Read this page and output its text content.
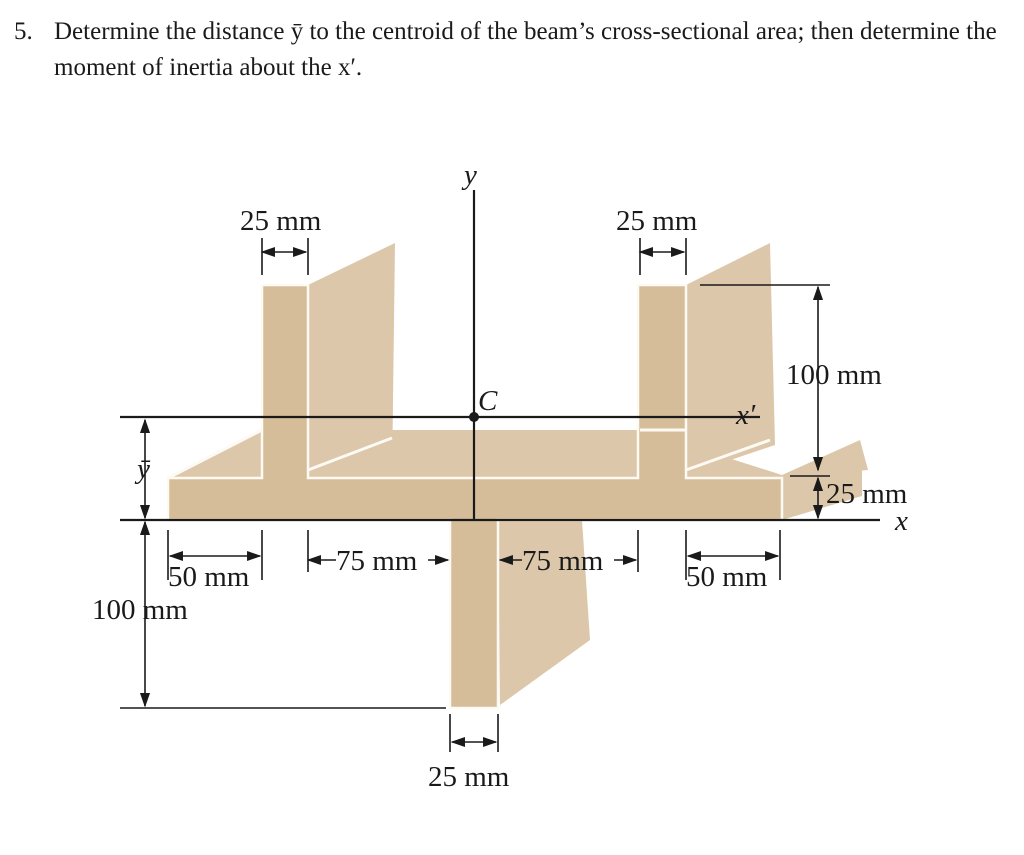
5. Determine the distance ȳ to the centroid of the beam’s cross-sectional area; then determine the moment of inertia about the x′.
y
C	x′
x
ȳ
25 mm	25 mm
100 mm
25 mm
100 mm
50 mm	50 mm
75 mm	75 mm
25 mm
